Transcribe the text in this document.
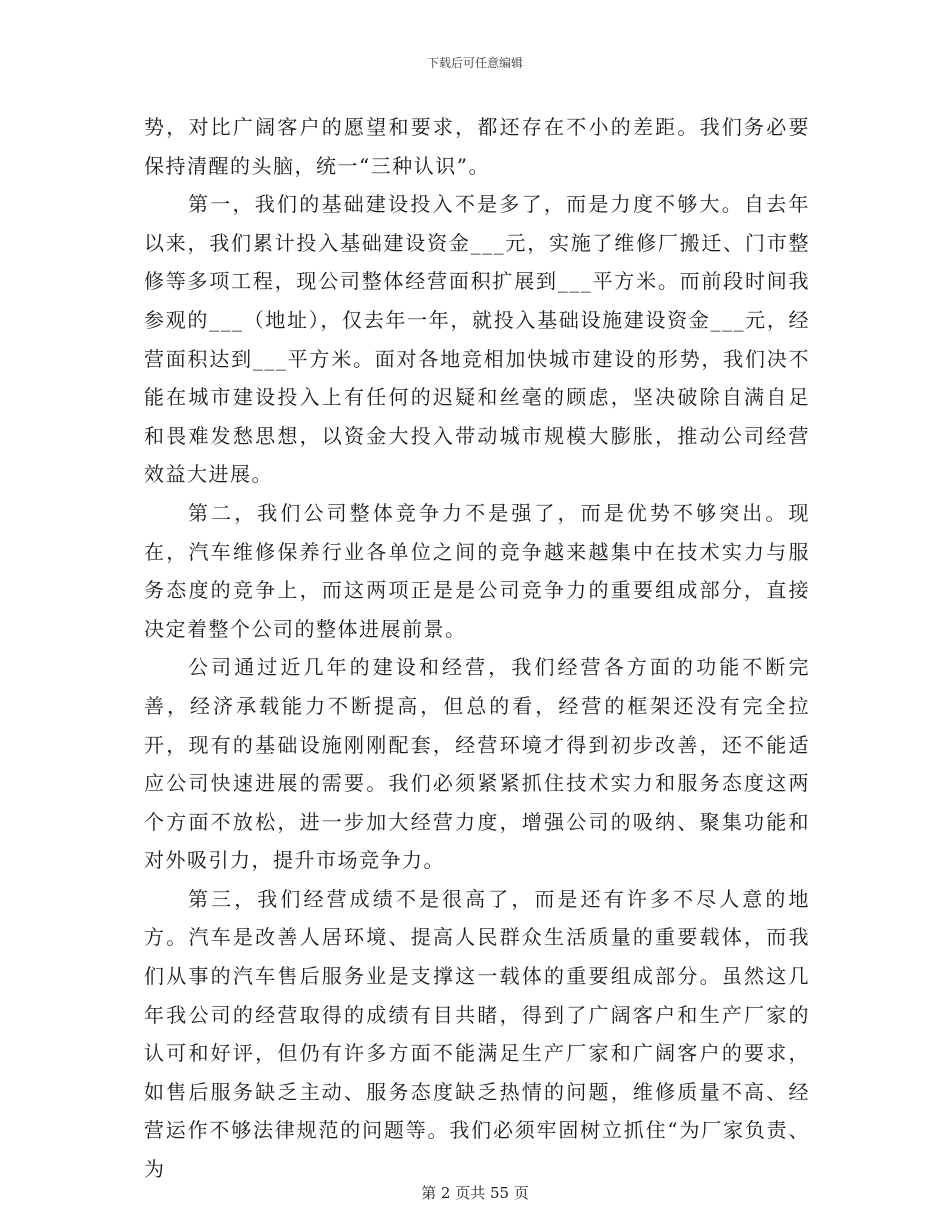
下载后可任意编辑

势，对比广阔客户的愿望和要求，都还存在不小的差距。我们务必要保持清醒的头脑，统一“三种认识”。

第一，我们的基础建设投入不是多了，而是力度不够大。自去年以来，我们累计投入基础建设资金___元，实施了维修厂搬迁、门市整修等多项工程，现公司整体经营面积扩展到___平方米。而前段时间我参观的___（地址），仅去年一年，就投入基础设施建设资金___元，经营面积达到___平方米。面对各地竞相加快城市建设的形势，我们决不能在城市建设投入上有任何的迟疑和丝毫的顾虑，坚决破除自满自足和畏难发愁思想，以资金大投入带动城市规模大膨胀，推动公司经营效益大进展。

第二，我们公司整体竞争力不是强了，而是优势不够突出。现在，汽车维修保养行业各单位之间的竞争越来越集中在技术实力与服务态度的竞争上，而这两项正是是公司竞争力的重要组成部分，直接决定着整个公司的整体进展前景。

公司通过近几年的建设和经营，我们经营各方面的功能不断完善，经济承载能力不断提高，但总的看，经营的框架还没有完全拉开，现有的基础设施刚刚配套，经营环境才得到初步改善，还不能适应公司快速进展的需要。我们必须紧紧抓住技术实力和服务态度这两个方面不放松，进一步加大经营力度，增强公司的吸纳、聚集功能和对外吸引力，提升市场竞争力。

第三，我们经营成绩不是很高了，而是还有许多不尽人意的地方。汽车是改善人居环境、提高人民群众生活质量的重要载体，而我们从事的汽车售后服务业是支撑这一载体的重要组成部分。虽然这几年我公司的经营取得的成绩有目共睹，得到了广阔客户和生产厂家的认可和好评，但仍有许多方面不能满足生产厂家和广阔客户的要求，如售后服务缺乏主动、服务态度缺乏热情的问题，维修质量不高、经营运作不够法律规范的问题等。我们必须牢固树立抓住“为厂家负责、为

第 2 页共 55 页
